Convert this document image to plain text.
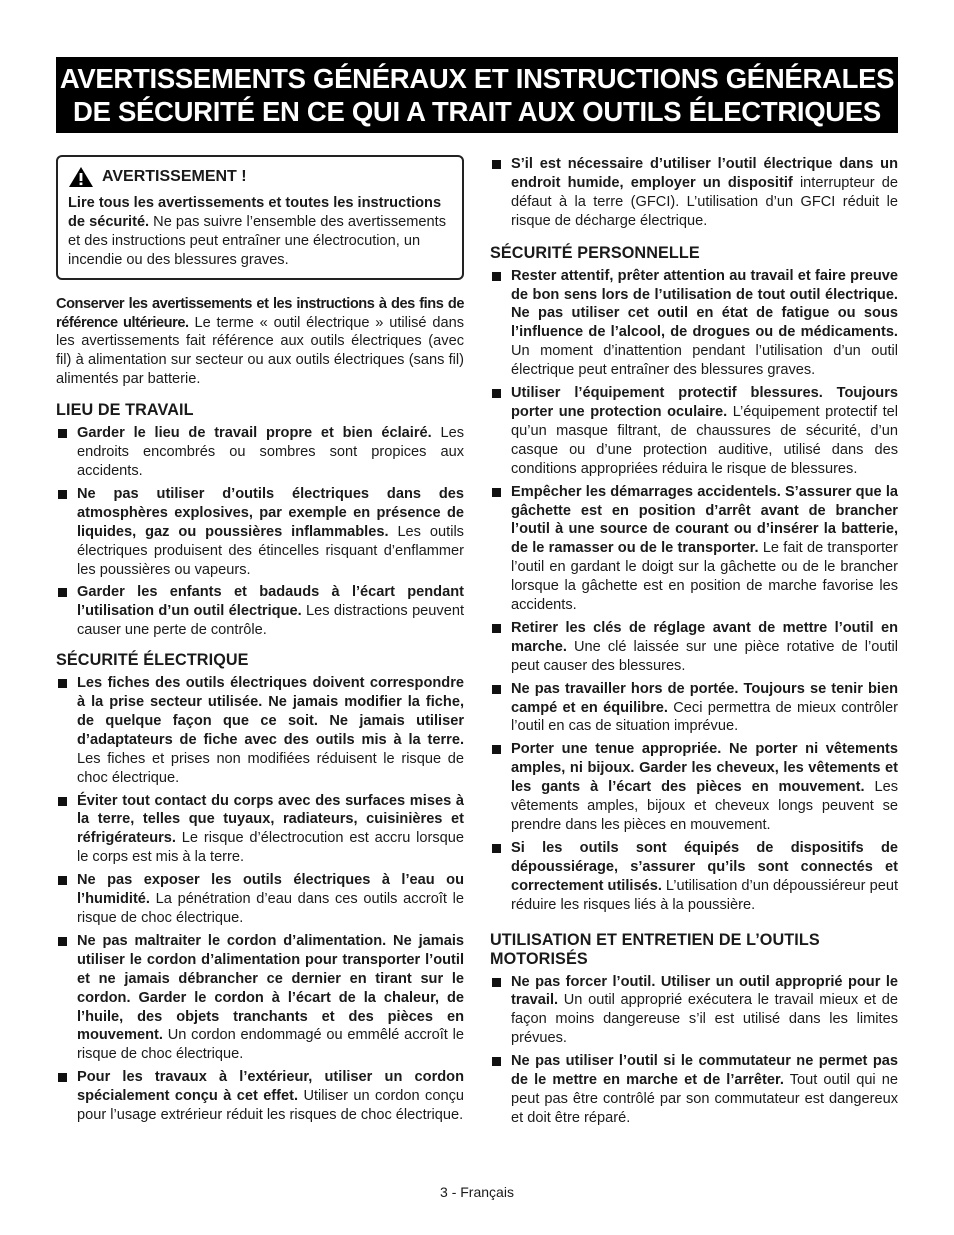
AVERTISSEMENTS GÉNÉRAUX ET INSTRUCTIONS GÉNÉRALES
DE SÉCURITÉ EN CE QUI A TRAIT AUX OUTILS ÉLECTRIQUES
AVERTISSEMENT !
Lire tous les avertissements et toutes les instructions de sécurité. Ne pas suivre l’ensemble des avertissements et des instructions peut entraîner une électrocution, un incendie ou des blessures graves.

Conserver les avertissements et les instructions à des fins de référence ultérieure. Le terme « outil électrique » utilisé dans les avertissements fait référence aux outils électriques (avec fil) à alimentation sur secteur ou aux outils électriques (sans fil) alimentés par batterie.

LIEU DE TRAVAIL
Garder le lieu de travail propre et bien éclairé. Les endroits encombrés ou sombres sont propices aux accidents.
Ne pas utiliser d’outils électriques dans des atmosphères explosives, par exemple en présence de liquides, gaz ou poussières inflammables. Les outils électriques produisent des étincelles risquant d’enflammer les poussières ou vapeurs.
Garder les enfants et badauds à l’écart pendant l’utilisation d’un outil électrique. Les distractions peuvent causer une perte de contrôle.
SÉCURITÉ ÉLECTRIQUE
Les fiches des outils électriques doivent correspondre à la prise secteur utilisée. Ne jamais modifier la fiche, de quelque façon que ce soit. Ne jamais utiliser d’adaptateurs de fiche avec des outils mis à la terre. Les fiches et prises non modifiées réduisent le risque de choc électrique.
Éviter tout contact du corps avec des surfaces mises à la terre, telles que tuyaux, radiateurs, cuisinières et réfrigérateurs. Le risque d’électrocution est accru lorsque le corps est mis à la terre.
Ne pas exposer les outils électriques à l’eau ou l’humidité. La pénétration d’eau dans ces outils accroît le risque de choc électrique.
Ne pas maltraiter le cordon d’alimentation. Ne jamais utiliser le cordon d’alimentation pour transporter l’outil et ne jamais débrancher ce dernier en tirant sur le cordon. Garder le cordon à l’écart de la chaleur, de l’huile, des objets tranchants et des pièces en mouvement. Un cordon endommagé ou emmêlé accroît le risque de choc électrique.
Pour les travaux à l’extérieur, utiliser un cordon spécialement conçu à cet effet. Utiliser un cordon conçu pour l’usage extrérieur réduit les risques de choc électrique.
S’il est nécessaire d’utiliser l’outil électrique dans un endroit humide, employer un dispositif interrupteur de défaut à la terre (GFCI). L’utilisation d’un GFCI réduit le risque de décharge électrique.
SÉCURITÉ PERSONNELLE
Rester attentif, prêter attention au travail et faire preuve de bon sens lors de l’utilisation de tout outil électrique. Ne pas utiliser cet outil en état de fatigue ou sous l’influence de l’alcool, de drogues ou de médicaments. Un moment d’inattention pendant l’utilisation d’un outil électrique peut entraîner des blessures graves.
Utiliser l’équipement protectif blessures. Toujours porter une protection oculaire. L’équipement protectif tel qu’un masque filtrant, de chaussures de sécurité, d’un casque ou d’une protection auditive, utilisé dans des conditions appropriées réduira le risque de blessures.
Empêcher les démarrages accidentels. S’assurer que la gâchette est en position d’arrêt avant de brancher l’outil à une source de courant ou d’insérer la batterie, de le ramasser ou de le transporter. Le fait de transporter l’outil en gardant le doigt sur la gâchette ou de le brancher lorsque la gâchette est en position de marche favorise les accidents.
Retirer les clés de réglage avant de mettre l’outil en marche. Une clé laissée sur une pièce rotative de l’outil peut causer des blessures.
Ne pas travailler hors de portée. Toujours se tenir bien campé et en équilibre. Ceci permettra de mieux contrôler l’outil en cas de situation imprévue.
Porter une tenue appropriée. Ne porter ni vêtements amples, ni bijoux. Garder les cheveux, les vêtements et les gants à l’écart des pièces en mouvement. Les vêtements amples, bijoux et cheveux longs peuvent se prendre dans les pièces en mouvement.
Si les outils sont équipés de dispositifs de dépoussiérage, s’assurer qu’ils sont connectés et correctement utilisés. L’utilisation d’un dépoussiéreur peut réduire les risques liés à la poussière.
UTILISATION ET ENTRETIEN DE L’OUTILS MOTORISÉS
Ne pas forcer l’outil. Utiliser un outil approprié pour le travail. Un outil approprié exécutera le travail mieux et de façon moins dangereuse s’il est utilisé dans les limites prévues.
Ne pas utiliser l’outil si le commutateur ne permet pas de le mettre en marche et de l’arrêter. Tout outil qui ne peut pas être contrôlé par son commutateur est dangereux et doit être réparé.
3 - Français
